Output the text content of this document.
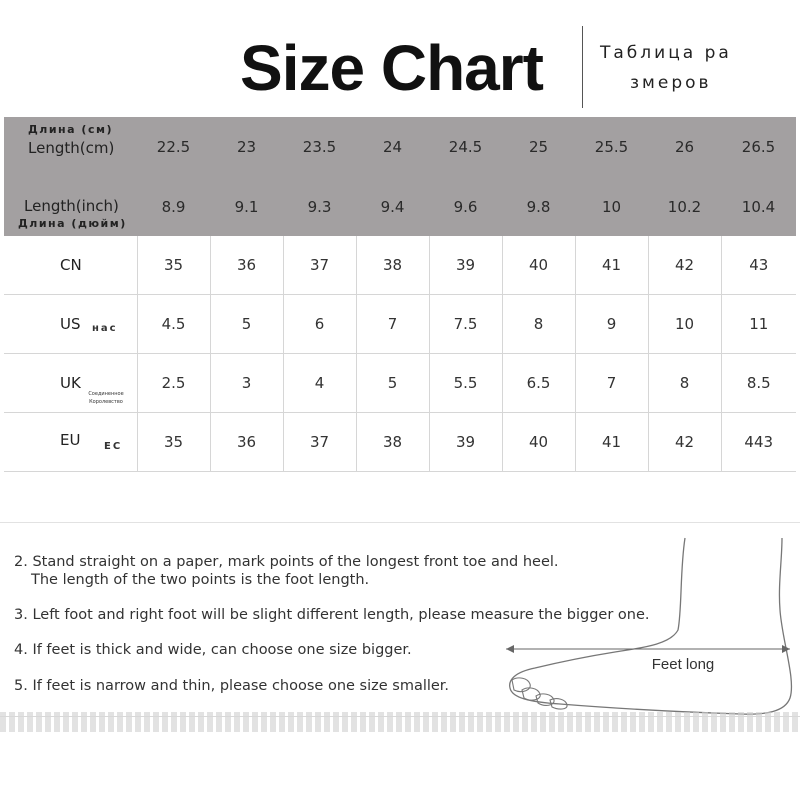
Size Chart	Таблица ра
змеров
Длина (см)
Length(cm)	22.5	23	23.5	24	24.5	25	25.5	26	26.5

Length(inch)
Длина (дюйм)	8.9	9.1	9.3	9.4	9.6	9.8	10	10.2	10.4

CN	35	36	37	38	39	40	41	42	43

US нас	4.5	5	6	7	7.5	8	9	10	11

UK
Соединенное
Королевство	2.5	3	4	5	5.5	6.5	7	8	8.5

EU ЕС	35	36	37	38	39	40	41	42	443
2. Stand straight on a paper, mark points of the longest front toe and heel.
The length of the two points is the foot length.
3. Left foot and right foot will be slight different length, please measure the bigger one.
4. If feet is thick and wide, can choose one size bigger.
5. If feet is narrow and thin, please choose one size smaller.
Feet long
